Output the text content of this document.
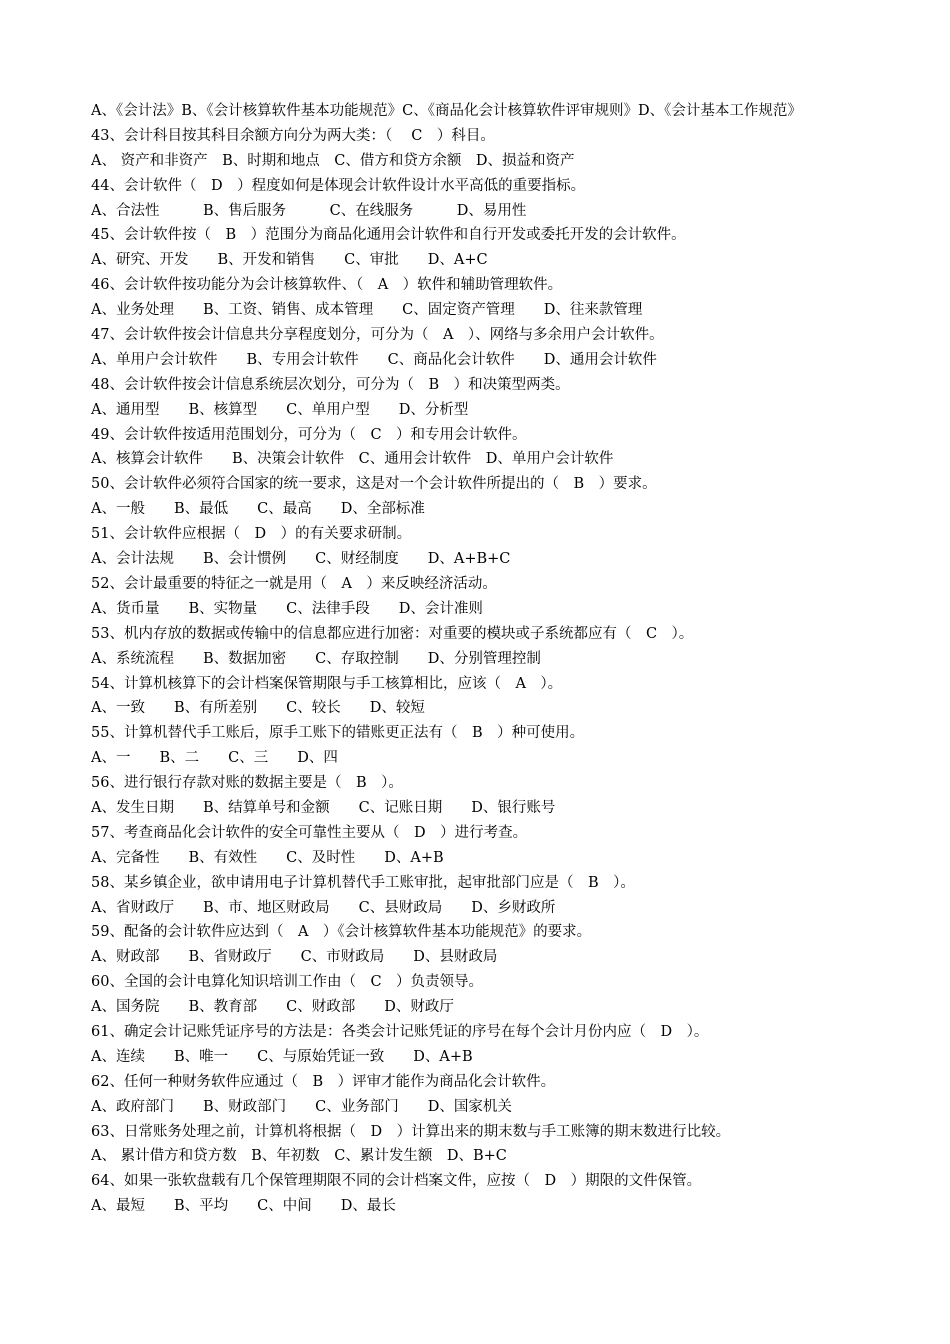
A、《会计法》B、《会计核算软件基本功能规范》C、《商品化会计核算软件评审规则》D、《会计基本工作规范》
43、会计科目按其科目余额方向分为两大类：（　 C　）科目。
A、 资产和非资产　B、时期和地点　C、借方和贷方余额　D、损益和资产
44、会计软件（　D　）程度如何是体现会计软件设计水平高低的重要指标。
A、合法性　　　B、售后服务　　　C、在线服务　　　D、易用性
45、会计软件按（　B　）范围分为商品化通用会计软件和自行开发或委托开发的会计软件。
A、研究、开发　　B、开发和销售　　C、审批　　D、A+C
46、会计软件按功能分为会计核算软件、（　A　）软件和辅助管理软件。
A、业务处理　　B、工资、销售、成本管理　　C、固定资产管理　　D、往来款管理
47、会计软件按会计信息共分享程度划分，可分为（　A　）、网络与多余用户会计软件。
A、单用户会计软件　　B、专用会计软件　　C、商品化会计软件　　D、通用会计软件
48、会计软件按会计信息系统层次划分，可分为（　B　）和决策型两类。
A、通用型　　B、核算型　　C、单用户型　　D、分析型
49、会计软件按适用范围划分，可分为（　C　）和专用会计软件。
A、核算会计软件　　B、决策会计软件　C、通用会计软件　D、单用户会计软件
50、会计软件必须符合国家的统一要求，这是对一个会计软件所提出的（　B　）要求。
A、一般　　B、最低　　C、最高　　D、全部标准
51、会计软件应根据（　D　）的有关要求研制。
A、会计法规　　B、会计惯例　　C、财经制度　　D、A+B+C
52、会计最重要的特征之一就是用（　A　）来反映经济活动。
A、货币量　　B、实物量　　C、法律手段　　D、会计准则
53、机内存放的数据或传输中的信息都应进行加密：对重要的模块或子系统都应有（　C　）。
A、系统流程　　B、数据加密　　C、存取控制　　D、分别管理控制
54、计算机核算下的会计档案保管期限与手工核算相比，应该（　A　）。
A、一致　　B、有所差别　　C、较长　　D、较短
55、计算机替代手工账后，原手工账下的错账更正法有（　B　）种可使用。
A、一　　B、二　　C、三　　D、四
56、进行银行存款对账的数据主要是（　B　）。
A、发生日期　　B、结算单号和金额　　C、记账日期　　D、银行账号
57、考查商品化会计软件的安全可靠性主要从（　D　）进行考查。
A、完备性　　B、有效性　　C、及时性　　D、A+B
58、某乡镇企业，欲申请用电子计算机替代手工账审批，起审批部门应是（　B　）。
A、省财政厅　　B、市、地区财政局　　C、县财政局　　D、乡财政所
59、配备的会计软件应达到（　A　）《会计核算软件基本功能规范》的要求。
A、财政部　　B、省财政厅　　C、市财政局　　D、县财政局
60、全国的会计电算化知识培训工作由（　C　）负责领导。
A、国务院　　B、教育部　　C、财政部　　D、财政厅
61、确定会计记账凭证序号的方法是：各类会计记账凭证的序号在每个会计月份内应（　D　）。
A、连续　　B、唯一　　C、与原始凭证一致　　D、A+B
62、任何一种财务软件应通过（　B　）评审才能作为商品化会计软件。
A、政府部门　　B、财政部门　　C、业务部门　　D、国家机关
63、日常账务处理之前，计算机将根据（　D　）计算出来的期末数与手工账簿的期末数进行比较。
A、 累计借方和贷方数　B、年初数　C、累计发生额　D、B+C
64、如果一张软盘载有几个保管理期限不同的会计档案文件，应按（　D　）期限的文件保管。
A、最短　　B、平均　　C、中间　　D、最长
